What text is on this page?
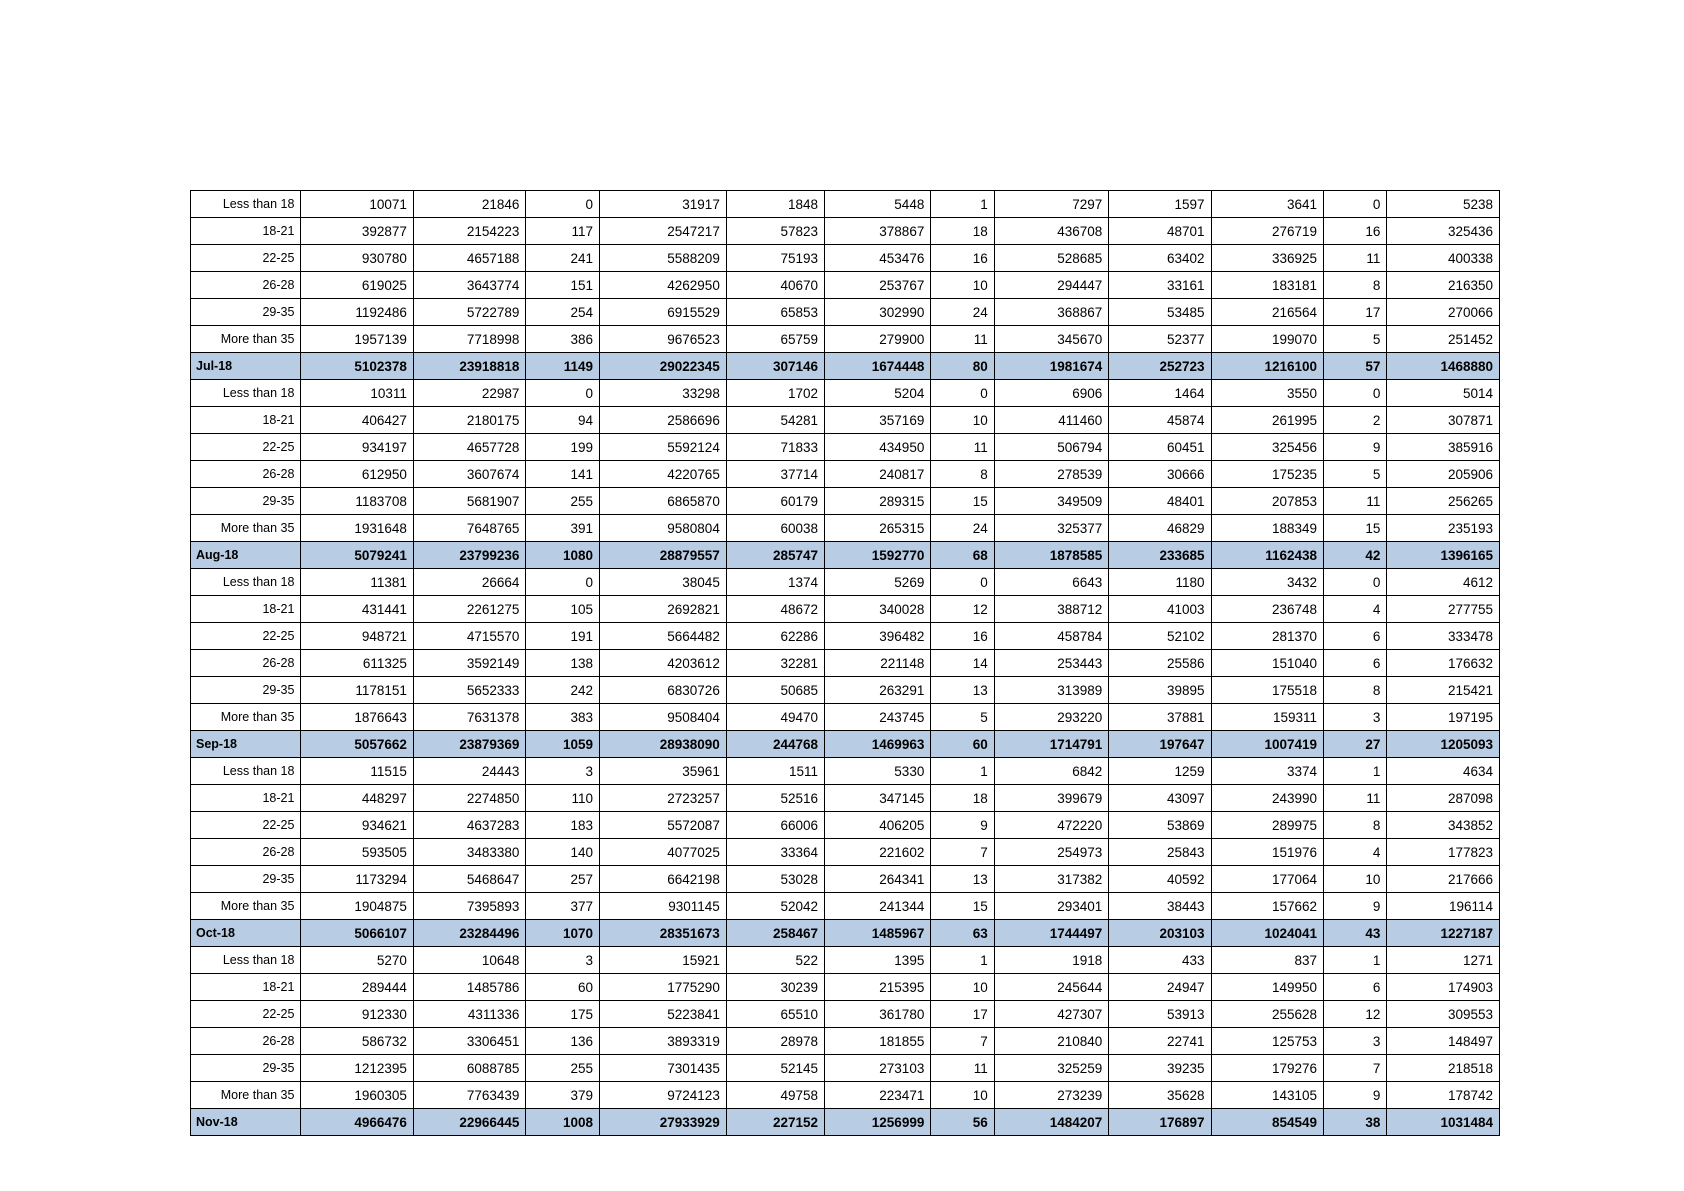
Less than 18	10071	21846	0	31917	1848	5448	1	7297	1597	3641	0	5238
18-21	392877	2154223	117	2547217	57823	378867	18	436708	48701	276719	16	325436
22-25	930780	4657188	241	5588209	75193	453476	16	528685	63402	336925	11	400338
26-28	619025	3643774	151	4262950	40670	253767	10	294447	33161	183181	8	216350
29-35	1192486	5722789	254	6915529	65853	302990	24	368867	53485	216564	17	270066
More than 35	1957139	7718998	386	9676523	65759	279900	11	345670	52377	199070	5	251452
Jul-18	5102378	23918818	1149	29022345	307146	1674448	80	1981674	252723	1216100	57	1468880
Less than 18	10311	22987	0	33298	1702	5204	0	6906	1464	3550	0	5014
18-21	406427	2180175	94	2586696	54281	357169	10	411460	45874	261995	2	307871
22-25	934197	4657728	199	5592124	71833	434950	11	506794	60451	325456	9	385916
26-28	612950	3607674	141	4220765	37714	240817	8	278539	30666	175235	5	205906
29-35	1183708	5681907	255	6865870	60179	289315	15	349509	48401	207853	11	256265
More than 35	1931648	7648765	391	9580804	60038	265315	24	325377	46829	188349	15	235193
Aug-18	5079241	23799236	1080	28879557	285747	1592770	68	1878585	233685	1162438	42	1396165
Less than 18	11381	26664	0	38045	1374	5269	0	6643	1180	3432	0	4612
18-21	431441	2261275	105	2692821	48672	340028	12	388712	41003	236748	4	277755
22-25	948721	4715570	191	5664482	62286	396482	16	458784	52102	281370	6	333478
26-28	611325	3592149	138	4203612	32281	221148	14	253443	25586	151040	6	176632
29-35	1178151	5652333	242	6830726	50685	263291	13	313989	39895	175518	8	215421
More than 35	1876643	7631378	383	9508404	49470	243745	5	293220	37881	159311	3	197195
Sep-18	5057662	23879369	1059	28938090	244768	1469963	60	1714791	197647	1007419	27	1205093
Less than 18	11515	24443	3	35961	1511	5330	1	6842	1259	3374	1	4634
18-21	448297	2274850	110	2723257	52516	347145	18	399679	43097	243990	11	287098
22-25	934621	4637283	183	5572087	66006	406205	9	472220	53869	289975	8	343852
26-28	593505	3483380	140	4077025	33364	221602	7	254973	25843	151976	4	177823
29-35	1173294	5468647	257	6642198	53028	264341	13	317382	40592	177064	10	217666
More than 35	1904875	7395893	377	9301145	52042	241344	15	293401	38443	157662	9	196114
Oct-18	5066107	23284496	1070	28351673	258467	1485967	63	1744497	203103	1024041	43	1227187
Less than 18	5270	10648	3	15921	522	1395	1	1918	433	837	1	1271
18-21	289444	1485786	60	1775290	30239	215395	10	245644	24947	149950	6	174903
22-25	912330	4311336	175	5223841	65510	361780	17	427307	53913	255628	12	309553
26-28	586732	3306451	136	3893319	28978	181855	7	210840	22741	125753	3	148497
29-35	1212395	6088785	255	7301435	52145	273103	11	325259	39235	179276	7	218518
More than 35	1960305	7763439	379	9724123	49758	223471	10	273239	35628	143105	9	178742
Nov-18	4966476	22966445	1008	27933929	227152	1256999	56	1484207	176897	854549	38	1031484
